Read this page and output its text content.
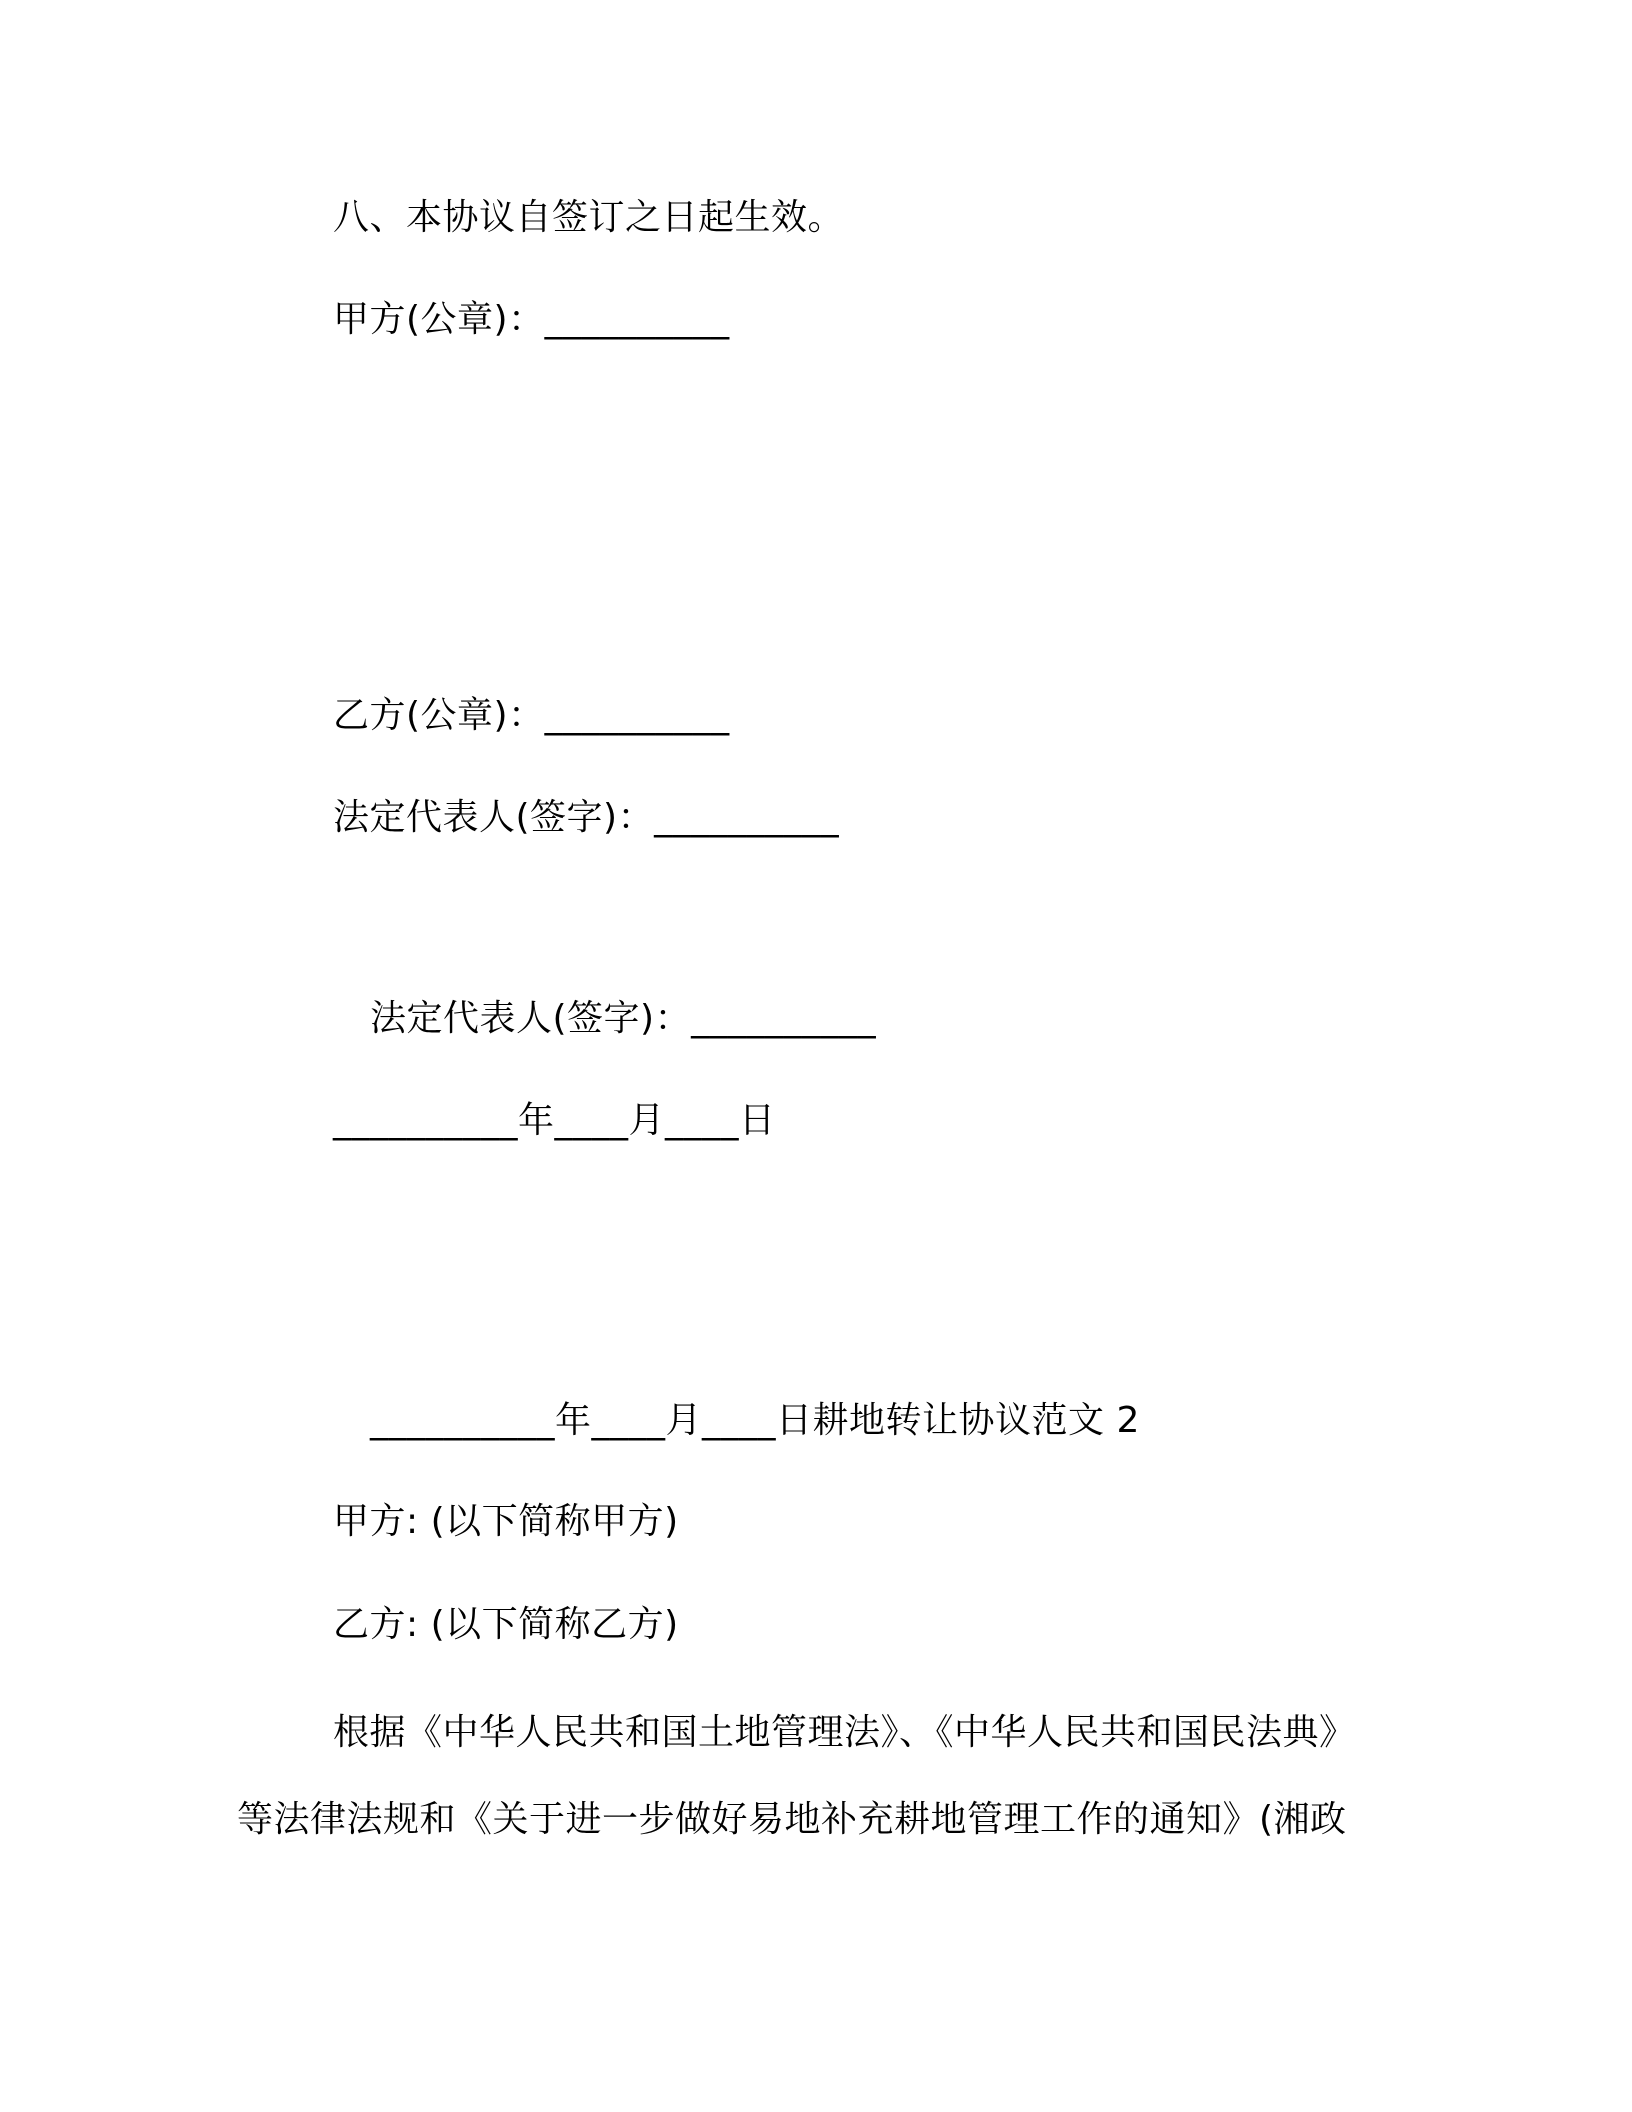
八、本协议自签订之日起生效。
甲方(公章)：__________
乙方(公章)：__________
法定代表人(签字)：__________
法定代表人(签字)：__________
__________年____月____日
__________年____月____日耕地转让协议范文 2
甲方: (以下简称甲方)
乙方: (以下简称乙方)
根据《中华人民共和国土地管理法》、《中华人民共和国民法典》
等法律法规和《关于进一步做好易地补充耕地管理工作的通知》(湘政
